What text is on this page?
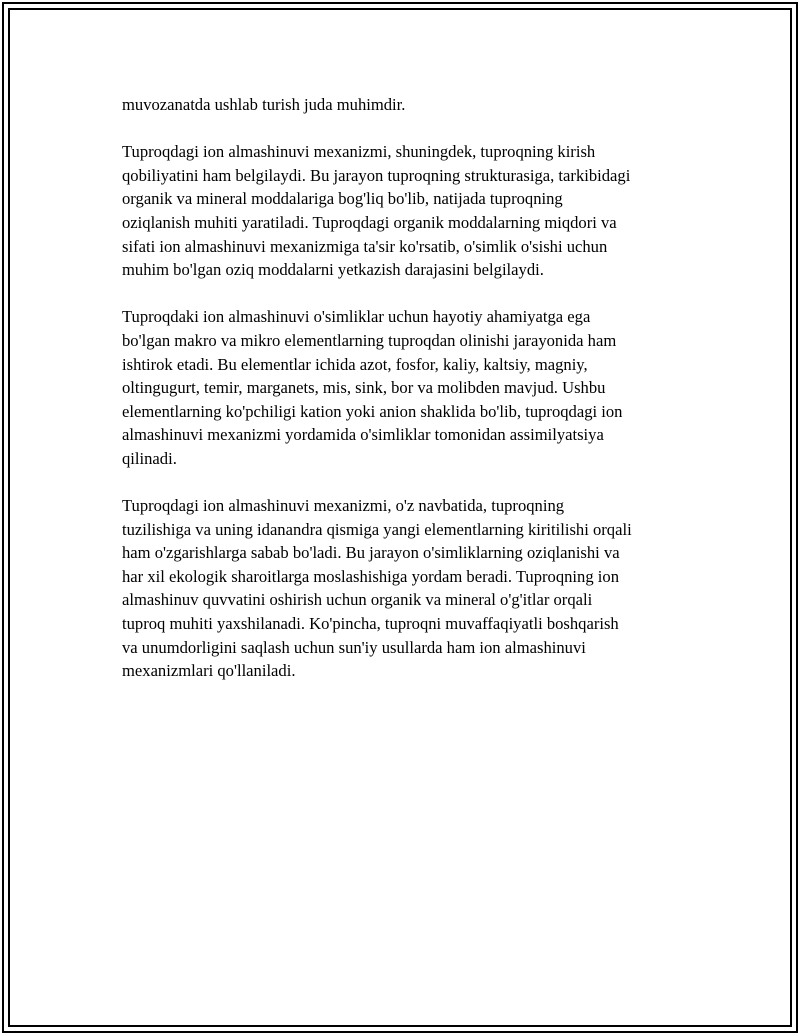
muvozanatda ushlab turish juda muhimdir.

Tuproqdagi ion almashinuvi mexanizmi, shuningdek, tuproqning kirish
qobiliyatini ham belgilaydi. Bu jarayon tuproqning strukturasiga, tarkibidagi
organik va mineral moddalariga bog'liq bo'lib, natijada tuproqning
oziqlanish muhiti yaratiladi. Tuproqdagi organik moddalarning miqdori va
sifati ion almashinuvi mexanizmiga ta'sir ko'rsatib, o'simlik o'sishi uchun
muhim bo'lgan oziq moddalarni yetkazish darajasini belgilaydi.

Tuproqdaki ion almashinuvi o'simliklar uchun hayotiy ahamiyatga ega
bo'lgan makro va mikro elementlarning tuproqdan olinishi jarayonida ham
ishtirok etadi. Bu elementlar ichida azot, fosfor, kaliy, kaltsiy, magniy,
oltingugurt, temir, marganets, mis, sink, bor va molibden mavjud. Ushbu
elementlarning ko'pchiligi kation yoki anion shaklida bo'lib, tuproqdagi ion
almashinuvi mexanizmi yordamida o'simliklar tomonidan assimilyatsiya
qilinadi.

Tuproqdagi ion almashinuvi mexanizmi, o'z navbatida, tuproqning
tuzilishiga va uning idanandra qismiga yangi elementlarning kiritilishi orqali
ham o'zgarishlarga sabab bo'ladi. Bu jarayon o'simliklarning oziqlanishi va
har xil ekologik sharoitlarga moslashishiga yordam beradi. Tuproqning ion
almashinuv quvvatini oshirish uchun organik va mineral o'g'itlar orqali
tuproq muhiti yaxshilanadi. Ko'pincha, tuproqni muvaffaqiyatli boshqarish
va unumdorligini saqlash uchun sun'iy usullarda ham ion almashinuvi
mexanizmlari qo'llaniladi.
